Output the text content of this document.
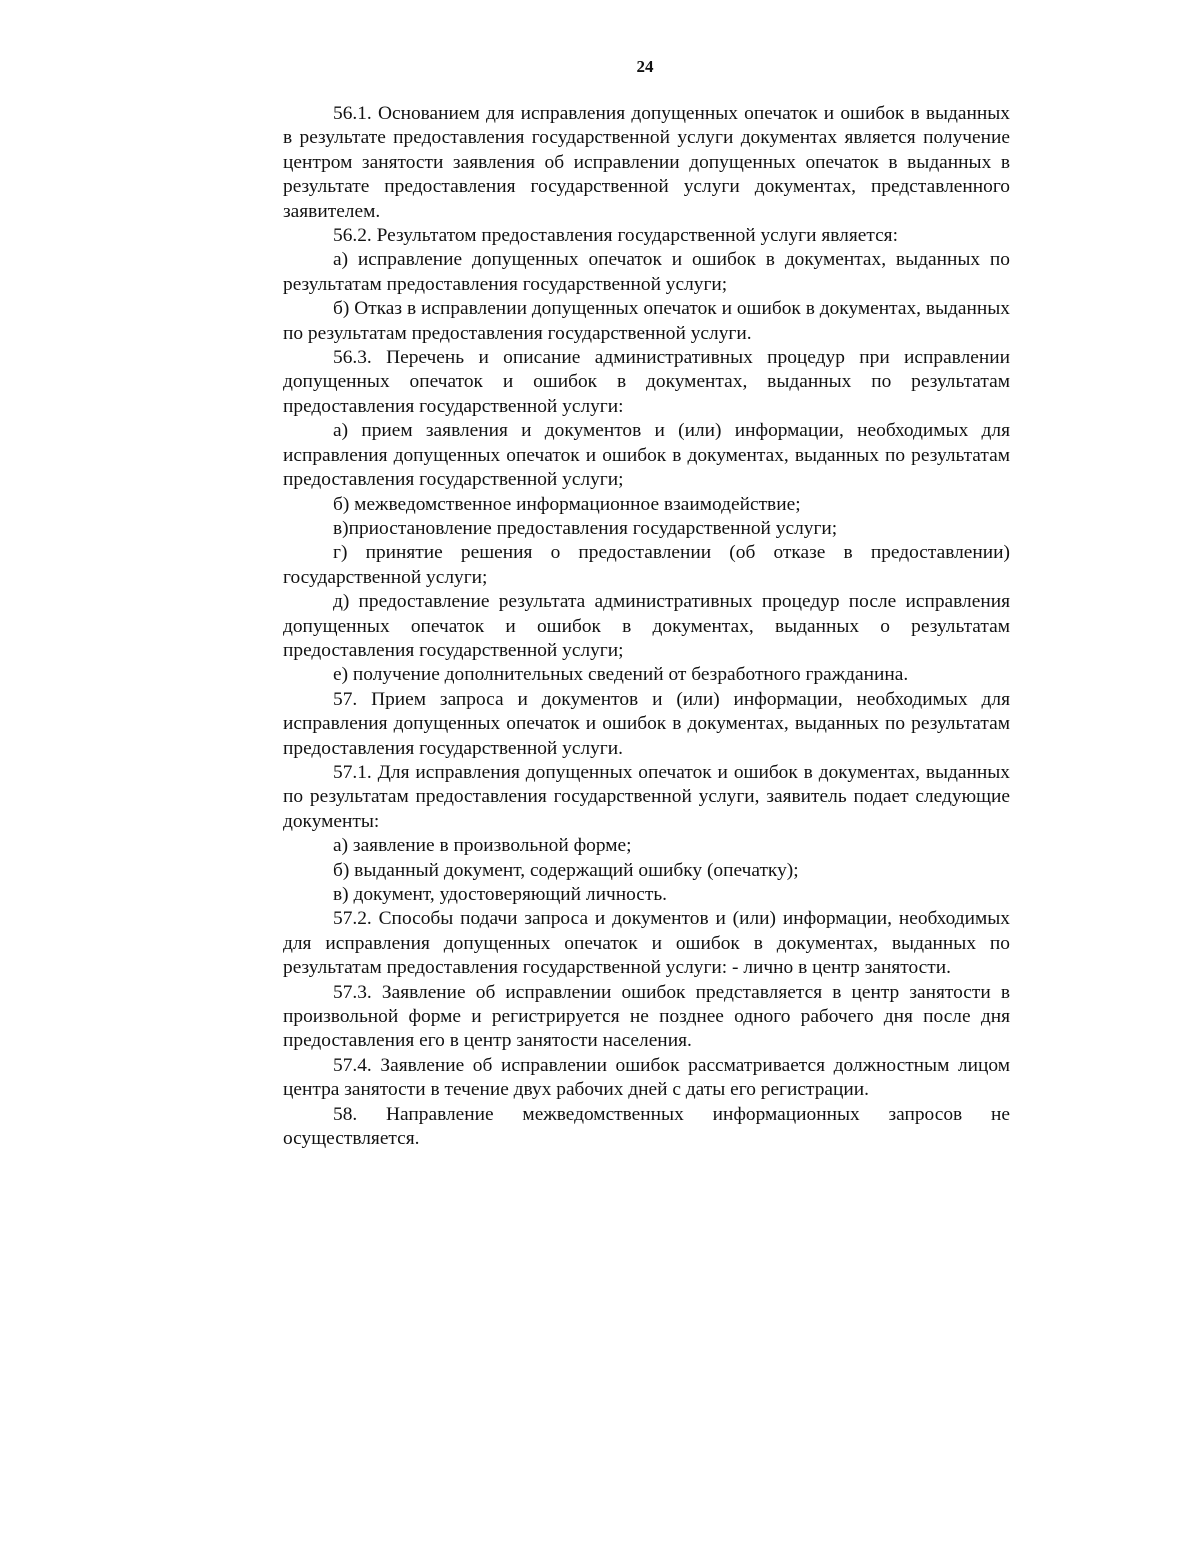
24

56.1. Основанием для исправления допущенных опечаток и ошибок в выданных в результате предоставления государственной услуги документах является получение центром занятости заявления об исправлении допущенных опечаток в выданных в результате предоставления государственной услуги документах, представленного заявителем.

56.2. Результатом предоставления государственной услуги является:

а) исправление допущенных опечаток и ошибок в документах, выданных по результатам предоставления государственной услуги;

б) Отказ в исправлении допущенных опечаток и ошибок в документах, выданных по результатам предоставления государственной услуги.

56.3. Перечень и описание административных процедур при исправлении допущенных опечаток и ошибок в документах, выданных по результатам предоставления государственной услуги:

а) прием заявления и документов и (или) информации, необходимых для исправления допущенных опечаток и ошибок в документах, выданных по результатам предоставления государственной услуги;

б) межведомственное информационное взаимодействие;

в)приостановление предоставления государственной услуги;

г) принятие решения о предоставлении (об отказе в предоставлении) государственной услуги;

д) предоставление результата административных процедур после исправления допущенных опечаток и ошибок в документах, выданных о результатам предоставления государственной услуги;

е) получение дополнительных сведений от безработного гражданина.

57. Прием запроса и документов и (или) информации, необходимых для исправления допущенных опечаток и ошибок в документах, выданных по результатам предоставления государственной услуги.

57.1. Для исправления допущенных опечаток и ошибок в документах, выданных по результатам предоставления государственной услуги, заявитель подает следующие документы:

а) заявление в произвольной форме;

б) выданный документ, содержащий ошибку (опечатку);

в) документ, удостоверяющий личность.

57.2. Способы подачи запроса и документов и (или) информации, необходимых для исправления допущенных опечаток и ошибок в документах, выданных по результатам предоставления государственной услуги: - лично в центр занятости.

57.3. Заявление об исправлении ошибок представляется в центр занятости в произвольной форме и регистрируется не позднее одного рабочего дня после дня предоставления его в центр занятости населения.

57.4. Заявление об исправлении ошибок рассматривается должностным лицом центра занятости в течение двух рабочих дней с даты его регистрации.

58. Направление межведомственных информационных запросов не осуществляется.
